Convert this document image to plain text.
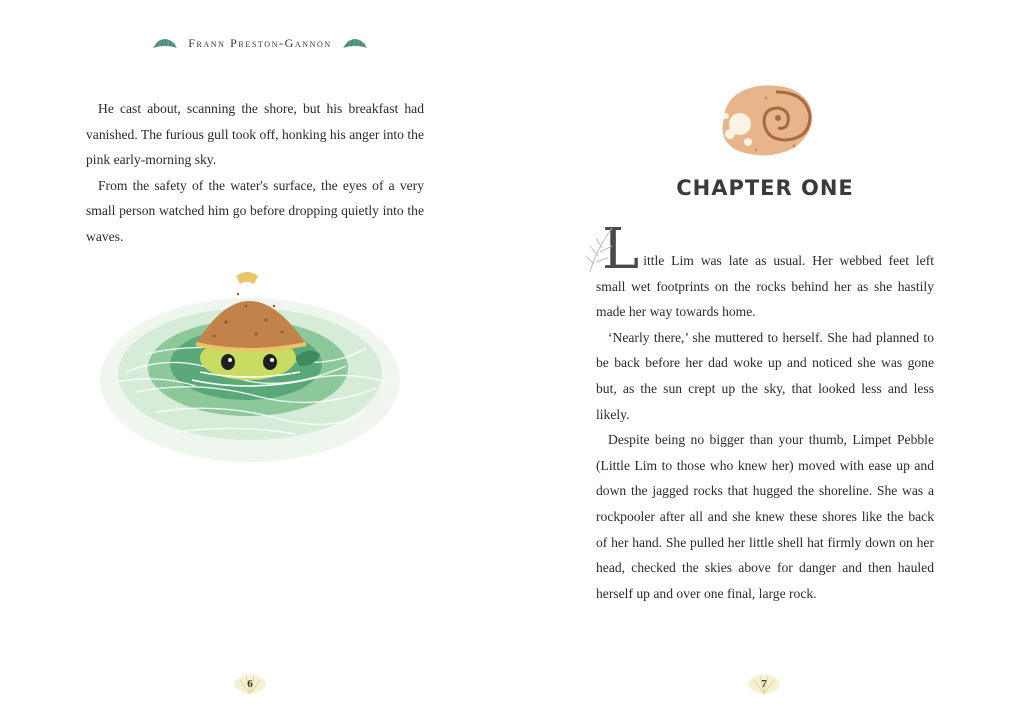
Frann Preston-Gannon

He cast about, scanning the shore, but his breakfast had vanished. The furious gull took off, honking his anger into the pink early-morning sky.

From the safety of the water's surface, the eyes of a very small person watched him go before dropping quietly into the waves.

6
CHAPTER ONE

Little Lim was late as usual. Her webbed feet left small wet footprints on the rocks behind her as she hastily made her way towards home.

‘Nearly there,’ she muttered to herself. She had planned to be back before her dad woke up and noticed she was gone but, as the sun crept up the sky, that looked less and less likely.

Despite being no bigger than your thumb, Limpet Pebble (Little Lim to those who knew her) moved with ease up and down the jagged rocks that hugged the shoreline. She was a rockpooler after all and she knew these shores like the back of her hand. She pulled her little shell hat firmly down on her head, checked the skies above for danger and then hauled herself up and over one final, large rock.

7
